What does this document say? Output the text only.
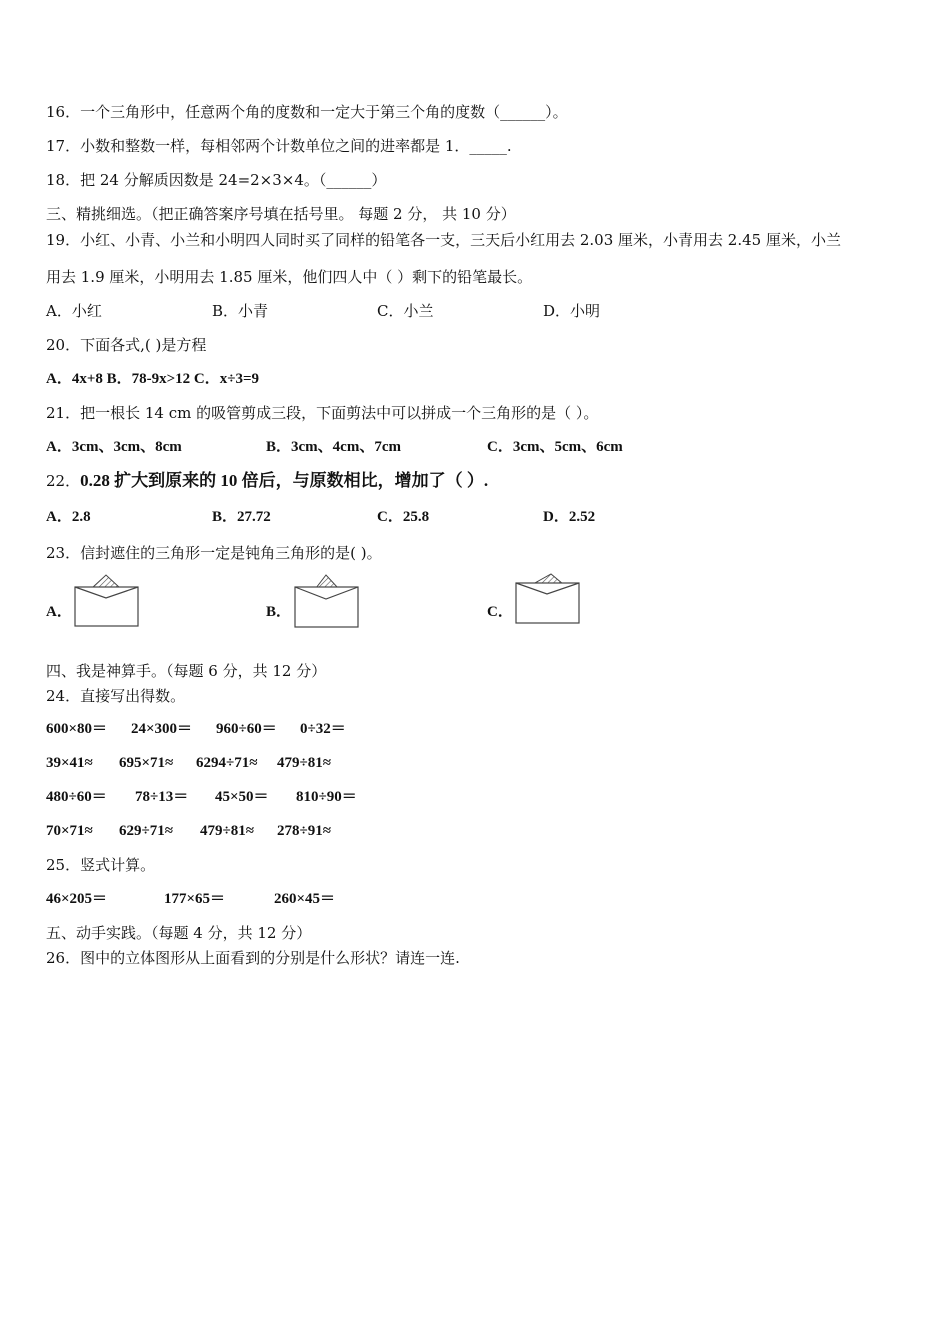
16．一个三角形中，任意两个角的度数和一定大于第三个角的度数（______）。
17．小数和整数一样，每相邻两个计数单位之间的进率都是 1．_____.
18．把 24 分解质因数是 24=2×3×4。（______）
三、精挑细选。（把正确答案序号填在括号里。 每题 2 分， 共 10 分）
19．小红、小青、小兰和小明四人同时买了同样的铅笔各一支，三天后小红用去 2.03 厘米，小青用去 2.45 厘米，小兰
用去 1.9 厘米，小明用去 1.85 厘米，他们四人中（ ）剩下的铅笔最长。
A．小红	B．小青	C．小兰	D．小明
20．下面各式,( )是方程
A．4x+8 B．78-9x>12 C．x÷3=9
21．把一根长 14 cm 的吸管剪成三段，下面剪法中可以拼成一个三角形的是（ ）。
A．3cm、3cm、8cm	B．3cm、4cm、7cm	C．3cm、5cm、6cm
22．0.28 扩大到原来的 10 倍后，与原数相比，增加了（ ）.
A．2.8	B．27.72	C．25.8	D．2.52
23．信封遮住的三角形一定是钝角三角形的是( )。
A．	B．	C．
四、我是神算手。（每题 6 分，共 12 分）
24．直接写出得数。
600×80＝ 24×300＝ 960÷60＝ 0÷32＝
39×41≈ 695×71≈ 6294÷71≈ 479÷81≈
480÷60＝ 78÷13＝ 45×50＝ 810÷90＝
70×71≈ 629÷71≈ 479÷81≈ 278÷91≈
25．竖式计算。
46×205＝	177×65＝	260×45＝
五、动手实践。（每题 4 分，共 12 分）
26．图中的立体图形从上面看到的分别是什么形状？请连一连.
